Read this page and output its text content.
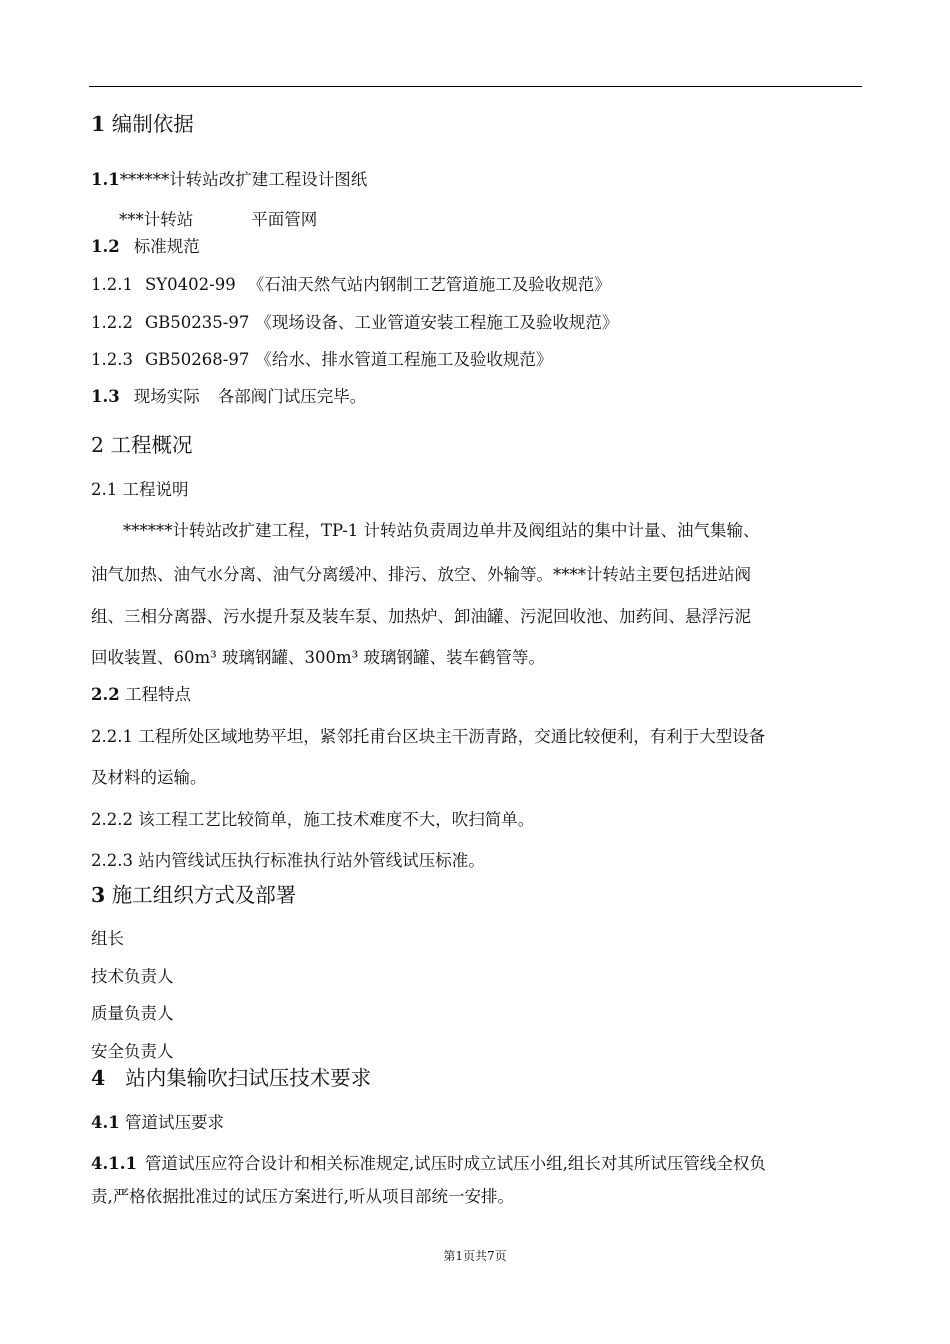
1 编制依据
1.1******计转站改扩建工程设计图纸
***计转站	平面管网
1.2 标准规范
1.2.1 SY0402-99 《石油天然气站内钢制工艺管道施工及验收规范》
1.2.2 GB50235-97 《现场设备、工业管道安装工程施工及验收规范》
1.2.3 GB50268-97 《给水、排水管道工程施工及验收规范》
1.3 现场实际 各部阀门试压完毕。
2 工程概况
2.1 工程说明
******计转站改扩建工程，TP-1 计转站负责周边单井及阀组站的集中计量、油气集输、
油气加热、油气水分离、油气分离缓冲、排污、放空、外输等。****计转站主要包括进站阀
组、三相分离器、污水提升泵及装车泵、加热炉、卸油罐、污泥回收池、加药间、悬浮污泥
回收装置、60m³ 玻璃钢罐、300m³ 玻璃钢罐、装车鹤管等。
2.2 工程特点
2.2.1 工程所处区域地势平坦，紧邻托甫台区块主干沥青路，交通比较便利，有利于大型设备
及材料的运输。
2.2.2 该工程工艺比较简单，施工技术难度不大，吹扫简单。
2.2.3 站内管线试压执行标准执行站外管线试压标准。
3 施工组织方式及部署
组长
技术负责人
质量负责人
安全负责人
4 站内集输吹扫试压技术要求
4.1 管道试压要求
4.1.1 管道试压应符合设计和相关标准规定,试压时成立试压小组,组长对其所试压管线全权负
责,严格依据批准过的试压方案进行,听从项目部统一安排。
第1页共7页
